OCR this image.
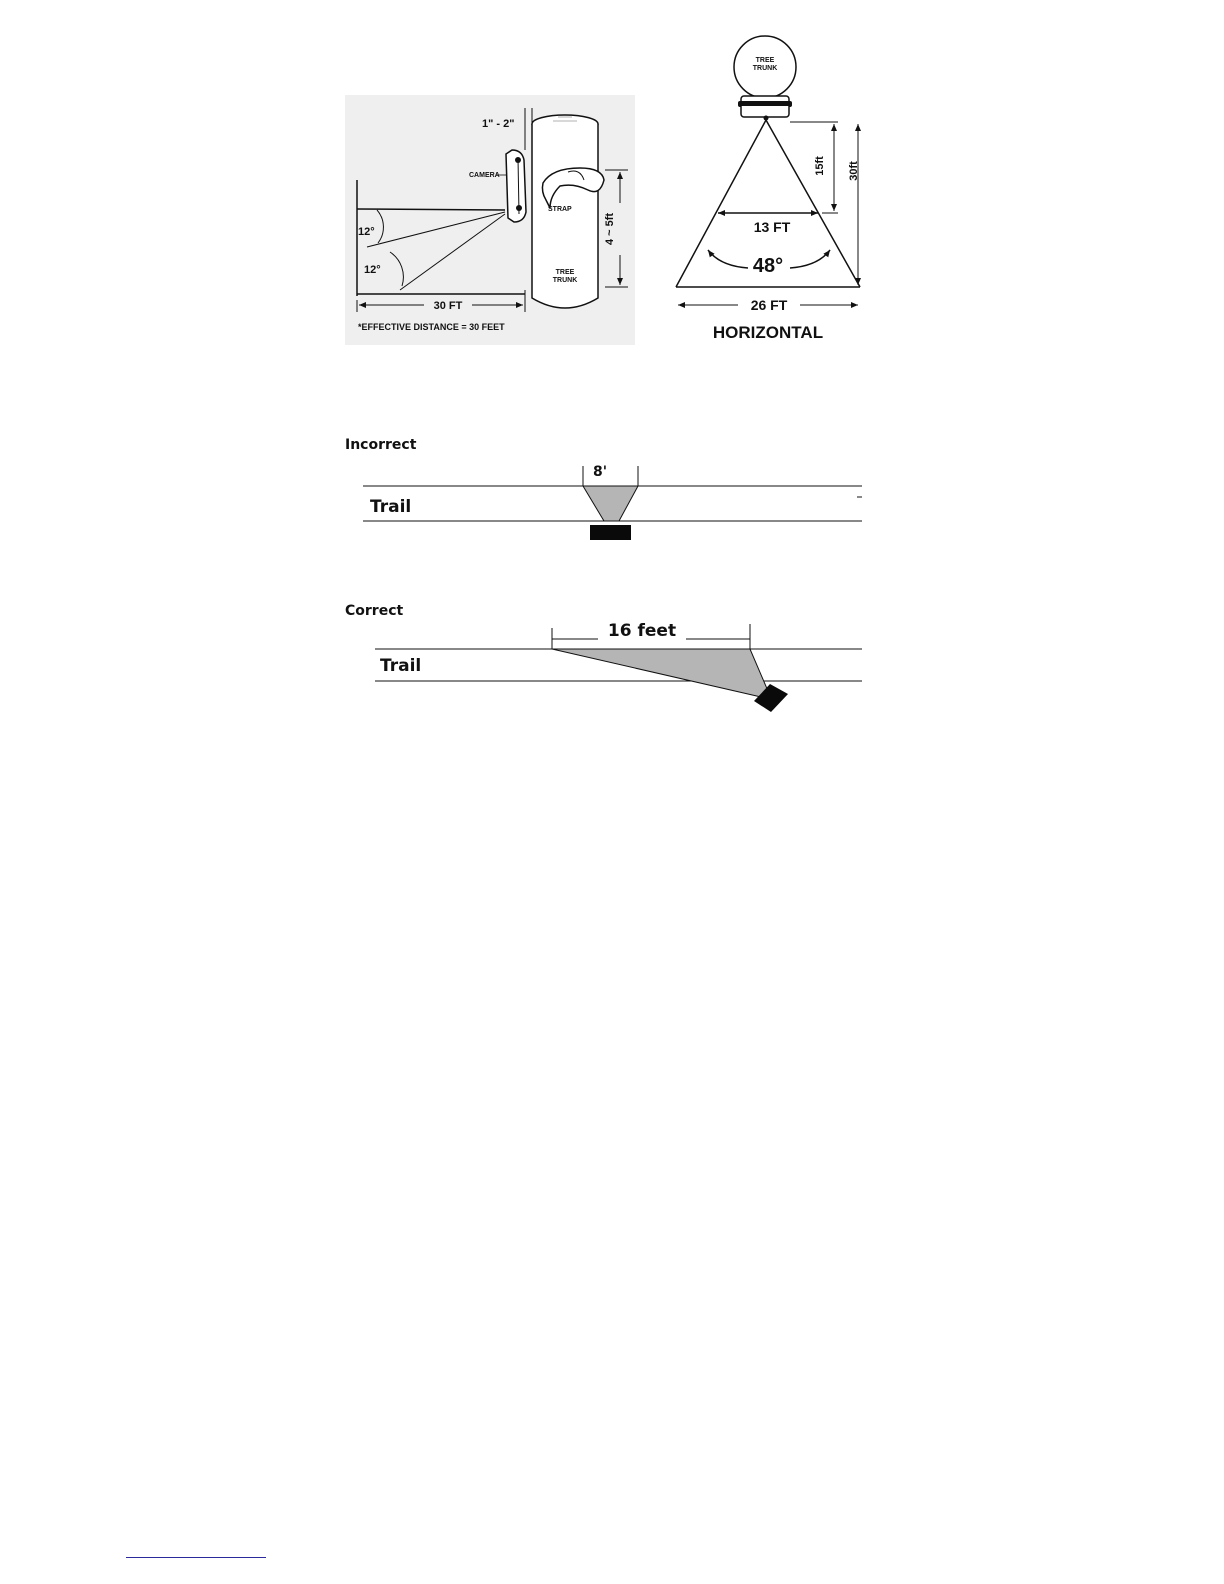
12°
12°
30 FT
*EFFECTIVE DISTANCE = 30 FEET
CAMERA
1" - 2"
TREE
TRUNK
STRAP
4 ~ 5ft
TREE
TRUNK
13 FT
48°
15ft 30ft
26 FT
HORIZONTAL
Incorrect
8'
Trail
Correct
16 feet
Trail
